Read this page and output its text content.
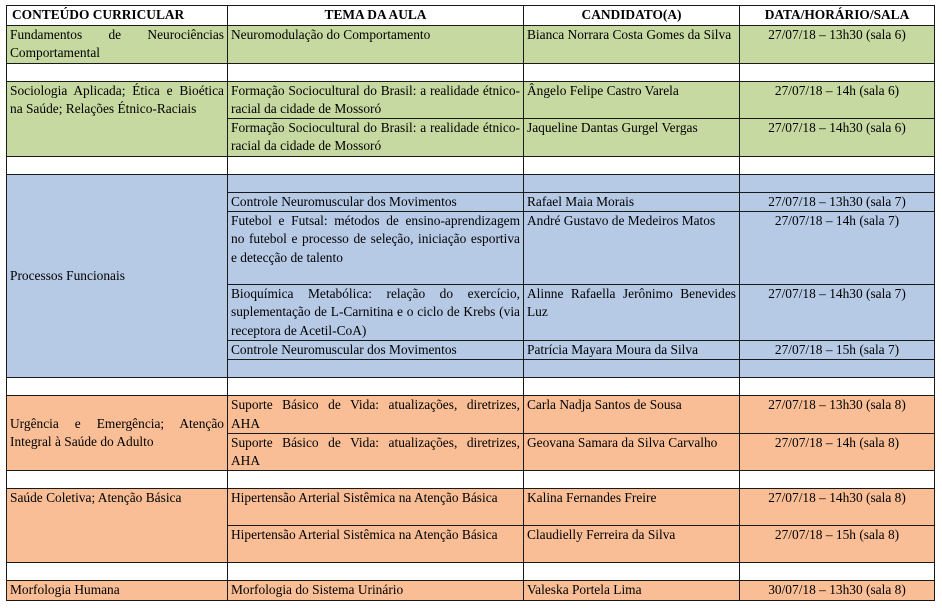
CONTEÚDO CURRICULAR	TEMA DA AULA	CANDIDATO(A)	DATA/HORÁRIO/SALA
Fundamentos de Neurociências Comportamental	Neuromodulação do Comportamento	Bianca Norrara Costa Gomes da Silva	27/07/18 – 13h30 (sala 6)

Sociologia Aplicada; Ética e Bioética na Saúde; Relações Étnico-Raciais	Formação Sociocultural do Brasil: a realidade étnico-racial da cidade de Mossoró	Ângelo Felipe Castro Varela	27/07/18 – 14h (sala 6)
	Formação Sociocultural do Brasil: a realidade étnico-racial da cidade de Mossoró	Jaqueline Dantas Gurgel Vergas	27/07/18 – 14h30 (sala 6)

Processos Funcionais			
	Controle Neuromuscular dos Movimentos	Rafael Maia Morais	27/07/18 – 13h30 (sala 7)
	Futebol e Futsal: métodos de ensino-aprendizagem no futebol e processo de seleção, iniciação esportiva e detecção de talento	André Gustavo de Medeiros Matos	27/07/18 – 14h (sala 7)
	Bioquímica Metabólica: relação do exercício, suplementação de L-Carnitina e o ciclo de Krebs (via receptora de Acetil-CoA)	Alinne Rafaella Jerônimo Benevides Luz	27/07/18 – 14h30 (sala 7)
	Controle Neuromuscular dos Movimentos	Patrícia Mayara Moura da Silva	27/07/18 – 15h (sala 7)

Urgência e Emergência; Atenção Integral à Saúde do Adulto	Suporte Básico de Vida: atualizações, diretrizes, AHA	Carla Nadja Santos de Sousa	27/07/18 – 13h30 (sala 8)
	Suporte Básico de Vida: atualizações, diretrizes, AHA	Geovana Samara da Silva Carvalho	27/07/18 – 14h (sala 8)

Saúde Coletiva; Atenção Básica	Hipertensão Arterial Sistêmica na Atenção Básica	Kalina Fernandes Freire	27/07/18 – 14h30 (sala 8)
	Hipertensão Arterial Sistêmica na Atenção Básica	Claudielly Ferreira da Silva	27/07/18 – 15h (sala 8)

Morfologia Humana	Morfologia do Sistema Urinário	Valeska Portela Lima	30/07/18 – 13h30 (sala 8)
